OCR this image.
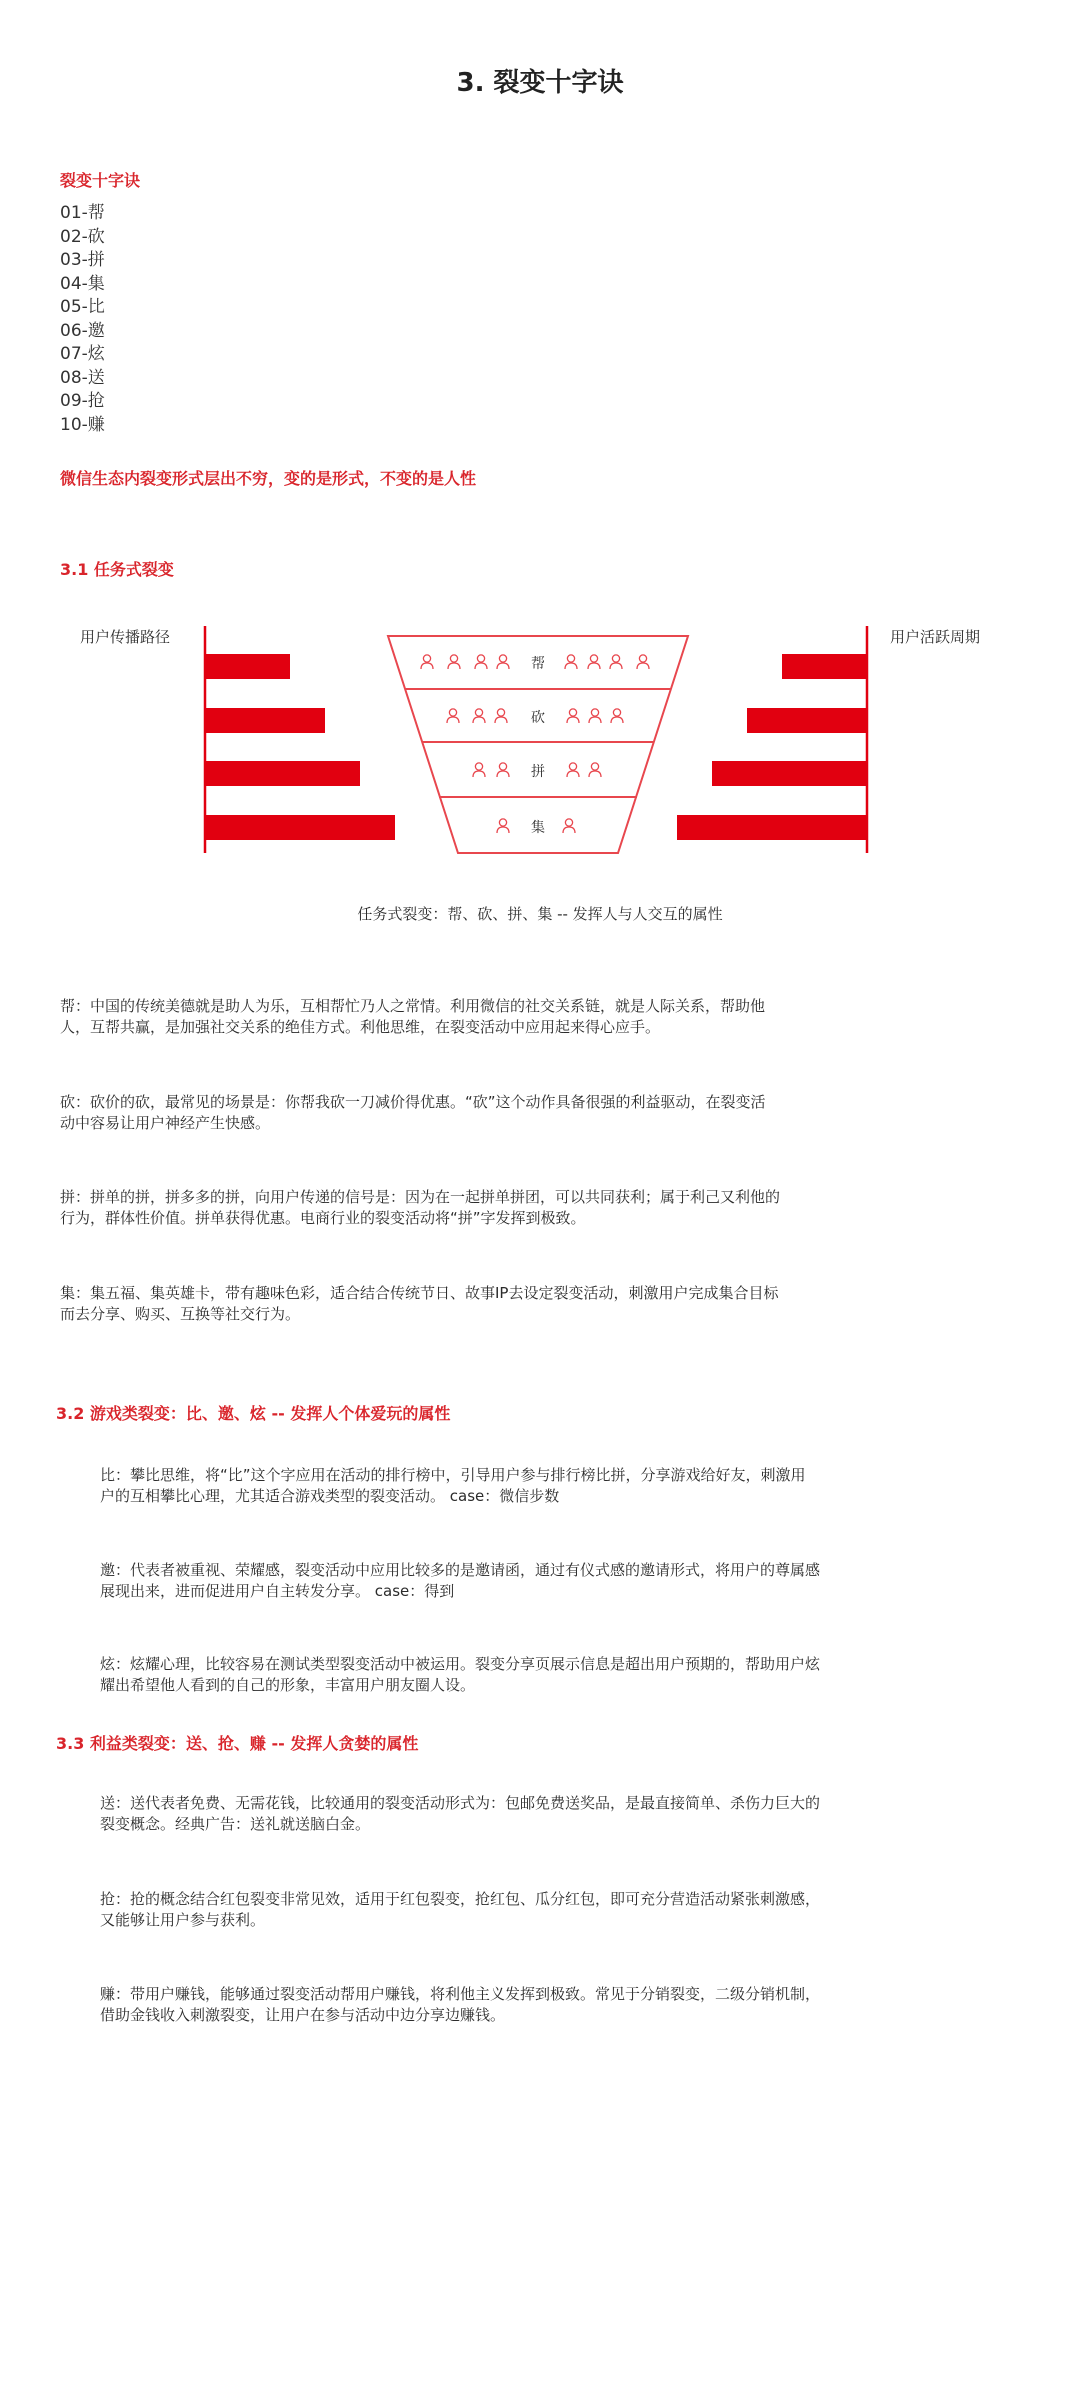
3. 裂变十字诀
裂变十字诀
01-帮
02-砍
03-拼
04-集
05-比
06-邀
07-炫
08-送
09-抢
10-赚
微信生态内裂变形式层出不穷，变的是形式，不变的是人性
3.1 任务式裂变
用户传播路径	用户活跃周期
帮
砍
拼
集
任务式裂变：帮、砍、拼、集 -- 发挥人与人交互的属性
帮：中国的传统美德就是助人为乐，互相帮忙乃人之常情。利用微信的社交关系链，就是人际关系，帮助他
人，互帮共赢，是加强社交关系的绝佳方式。利他思维，在裂变活动中应用起来得心应手。
砍：砍价的砍，最常见的场景是：你帮我砍一刀减价得优惠。“砍”这个动作具备很强的利益驱动，在裂变活
动中容易让用户神经产生快感。
拼：拼单的拼，拼多多的拼，向用户传递的信号是：因为在一起拼单拼团，可以共同获利；属于利己又利他的
行为，群体性价值。拼单获得优惠。电商行业的裂变活动将“拼”字发挥到极致。
集：集五福、集英雄卡，带有趣味色彩，适合结合传统节日、故事IP去设定裂变活动，刺激用户完成集合目标
而去分享、购买、互换等社交行为。
3.2 游戏类裂变：比、邀、炫 -- 发挥人个体爱玩的属性
比：攀比思维，将“比”这个字应用在活动的排行榜中，引导用户参与排行榜比拼，分享游戏给好友，刺激用
户的互相攀比心理，尤其适合游戏类型的裂变活动。 case：微信步数
邀：代表者被重视、荣耀感，裂变活动中应用比较多的是邀请函，通过有仪式感的邀请形式，将用户的尊属感
展现出来，进而促进用户自主转发分享。 case：得到
炫：炫耀心理，比较容易在测试类型裂变活动中被运用。裂变分享页展示信息是超出用户预期的，帮助用户炫
耀出希望他人看到的自己的形象，丰富用户朋友圈人设。
3.3 利益类裂变：送、抢、赚 -- 发挥人贪婪的属性
送：送代表者免费、无需花钱，比较通用的裂变活动形式为：包邮免费送奖品，是最直接简单、杀伤力巨大的
裂变概念。经典广告：送礼就送脑白金。
抢：抢的概念结合红包裂变非常见效，适用于红包裂变，抢红包、瓜分红包，即可充分营造活动紧张刺激感，
又能够让用户参与获利。
赚：带用户赚钱，能够通过裂变活动帮用户赚钱，将利他主义发挥到极致。常见于分销裂变，二级分销机制，
借助金钱收入刺激裂变，让用户在参与活动中边分享边赚钱。
